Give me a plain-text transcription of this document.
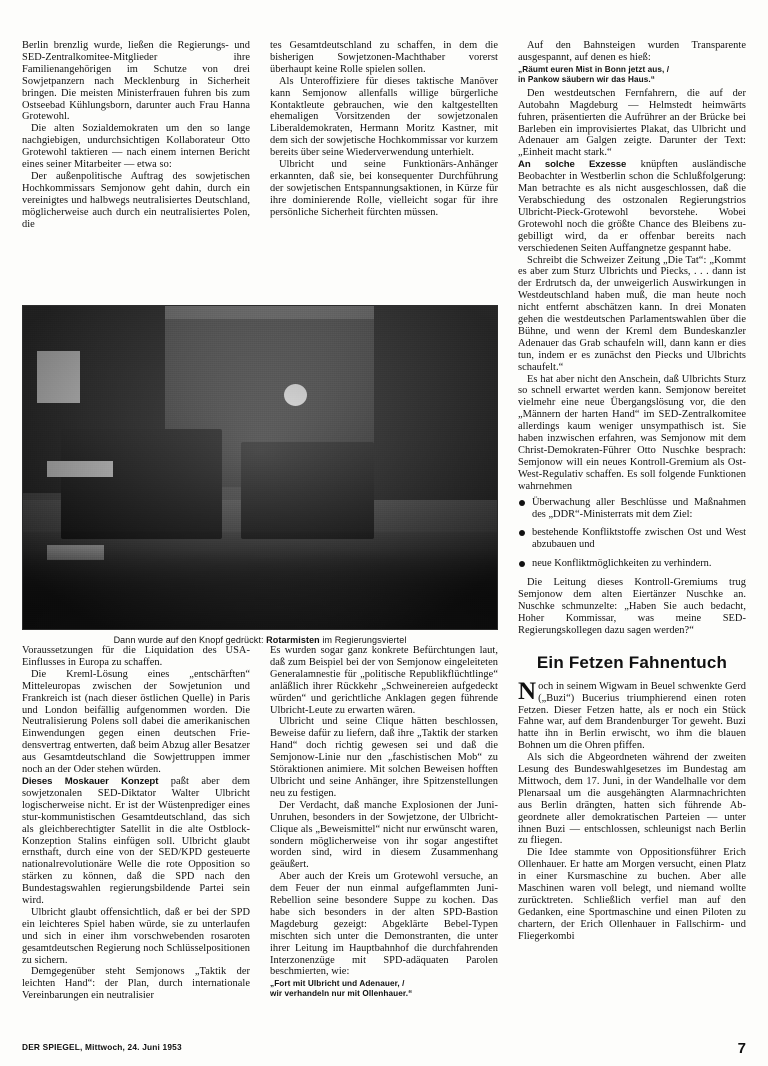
Berlin brenzlig wurde, ließen die Regierungs- und SED-Zentralkomitee-Mitglieder ihre Familienangehörigen im Schutze von drei Sowjetpanzern nach Mecklenburg in Sicherheit bringen. Die meisten Ministerfrauen fuhren bis zum Ostseebad Kühlungsborn, darunter auch Frau Hanna Grotewohl.

Die alten Sozialdemokraten um den so lange nachgiebigen, undurchsichtigen Kollaborateur Otto Grotewohl taktieren — nach einem internen Bericht eines seiner Mitarbeiter — etwa so:

Der außenpolitische Auftrag des sowjetischen Hochkommissars Semjonow geht dahin, durch ein vereinigtes und halbwegs neutralisiertes Deutschland, möglicherweise auch durch ein neutralisiertes Polen, die

tes Gesamtdeutschland zu schaffen, in dem die bisherigen Sowjetzonen-Machthaber vorerst überhaupt keine Rolle spielen sollen.

Als Unteroffiziere für dieses taktische Manöver kann Semjonow allenfalls willige bürgerliche Kontaktleute gebrauchen, wie den kaltgestellten ehemaligen Vorsitzenden der sowjetzonalen Liberaldemokraten, Hermann Moritz Kastner, mit dem sich der sowjetische Hochkommissar vor kurzem bereits über seine Wiederverwendung unterhielt.

Ulbricht und seine Funktionärs-Anhänger erkannten, daß sie, bei konsequenter Durchführung der sowjetischen Entspannungsaktionen, in Kürze für ihre dominierende Rolle, vielleicht sogar für ihre persönliche Sicherheit fürchten müssen.

Auf den Bahnsteigen wurden Transparente ausgespannt, auf denen es hieß:

„Räumt euren Mist in Bonn jetzt aus, /
in Pankow säubern wir das Haus.“

Den westdeutschen Fernfahrern, die auf der Autobahn Magdeburg — Helmstedt heimwärts fuhren, präsentierten die Aufrührer an der Brücke bei Barleben ein improvisiertes Plakat, das Ulbricht und Adenauer am Galgen zeigte. Darunter der Text: „Einheit macht stark.“

An solche Exzesse knüpften ausländische Beobachter in Westberlin schon die Schlußfolgerung: Man betrachte es als nicht ausgeschlossen, daß die Verabschiedung des ostzonalen Regierungstrios Ulbricht-Pieck-Grotewohl bevorstehe. Wobei Grotewohl noch die größte Chance des Bleibens zugebilligt wird, da er offenbar bereits nach verschiedenen Seiten Auffangnetze gespannt habe.

Schreibt die Schweizer Zeitung „Die Tat“: „Kommt es aber zum Sturz Ulbrichts und Piecks, . . . dann ist der Erdrutsch da, der unweigerlich Auswirkungen in Westdeutschland haben muß, die man heute noch nicht entfernt abschätzen kann. In drei Monaten gehen die westdeutschen Parlamentswahlen über die Bühne, und wenn der Kreml dem Bundeskanzler Adenauer das Grab schaufeln will, dann kann er dies tun, indem er es zunächst den Piecks und Ulbrichts schaufelt.“

Es hat aber nicht den Anschein, daß Ulbrichts Sturz so schnell erwartet werden kann. Semjonow bereitet vielmehr eine neue Übergangslösung vor, die den „Männern der harten Hand“ im SED-Zentralkomitee allerdings kaum weniger unsympathisch ist. Sie haben inzwischen erfahren, was Semjonow mit dem Christ-Demokraten-Führer Otto Nuschke besprach: Semjonow will ein neues Kontroll-Gremium als Ost-West-Regulativ schaffen. Es soll folgende Funktionen wahrnehmen

Überwachung aller Beschlüsse und Maßnahmen des „DDR“-Ministerrats mit dem Ziel:
bestehende Konfliktstoffe zwischen Ost und West abzubauen und
neue Konfliktmöglichkeiten zu verhindern.

Die Leitung dieses Kontroll-Gremiums trug Semjonow dem alten Eiertänzer Nuschke an. Nuschke schmunzelte: „Haben Sie auch bedacht, Hoher Kommissar, was meine SED-Regierungskollegen dazu sagen werden?“

Ein Fetzen Fahnentuch

Noch in seinem Wigwam in Beuel schwenkte Gerd („Buzi“) Bucerius triumphierend einen roten Fetzen. Dieser Fetzen hatte, als er noch ein Stück Fahne war, auf dem Brandenburger Tor geweht. Buzi hatte ihn in Berlin erwischt, wo ihm die blauen Bohnen um die Ohren pfiffen.

Als sich die Abgeordneten während der zweiten Lesung des Bundeswahlgesetzes im Bundestag am Mittwoch, dem 17. Juni, in der Wandelhalle vor dem Plenarsaal um die ausgehängten Alarmnachrichten aus Berlin drängten, hatten sich führende Abgeordnete aller demokratischen Parteien — unter ihnen Buzi — entschlossen, schleunigst nach Berlin zu fliegen.

Die Idee stammte von Oppositionsführer Erich Ollenhauer. Er hatte am Morgen versucht, einen Platz in einer Kursmaschine zu buchen. Aber alle Maschinen waren voll belegt, und niemand wollte zurücktreten. Schließlich verfiel man auf den Gedanken, eine Sportmaschine und einen Piloten zu chartern, der Erich Ollenhauer in Fallschirm- und Fliegerkombi

Dann wurde auf den Knopf gedrückt: Rotarmisten im Regierungsviertel

Voraussetzungen für die Liquidation des USA-Einflusses in Europa zu schaffen.

Die Kreml-Lösung eines „entschärften“ Mitteleuropas zwischen der Sowjetunion und Frankreich ist (nach dieser östlichen Quelle) in Paris und London beifällig aufgenommen worden. Die Neutralisierung Polens soll dabei die amerikanischen Einwendungen gegen einen deutschen Friedensvertrag entwerten, daß beim Abzug aller Besatzer aus Gesamtdeutschland die Sowjettruppen immer noch an der Oder stehen würden.

Dieses Moskauer Konzept paßt aber dem sowjetzonalen SED-Diktator Walter Ulbricht logischerweise nicht. Er ist der Wüstenprediger eines stur-kommunistischen Gesamtdeutschland, das sich als gleichberechtigter Satellit in die alte Ostblock-Konzeption Stalins einfügen soll. Ulbricht glaubt ernsthaft, durch eine von der SED/KPD gesteuerte nationalrevolutionäre Welle die rote Opposition so stärken zu können, daß die SPD nach den Bundestagswahlen regierungsbildende Partei sein wird.

Ulbricht glaubt offensichtlich, daß er bei der SPD ein leichteres Spiel haben würde, sie zu unterlaufen und sich in einer ihm vorschwebenden rosaroten gesamtdeutschen Regierung noch Schlüsselpositionen zu sichern.

Demgegenüber steht Semjonows „Taktik der leichten Hand“: der Plan, durch internationale Vereinbarungen ein neutralisier

Es wurden sogar ganz konkrete Befürchtungen laut, daß zum Beispiel bei der von Semjonow eingeleiteten Generalamnestie für „politische Republikflüchtlinge“ anläßlich ihrer Rückkehr „Schweinereien aufgedeckt würden“ und gerichtliche Anklagen gegen führende Ulbricht-Leute zu erwarten wären.

Ulbricht und seine Clique hätten beschlossen, Beweise dafür zu liefern, daß ihre „Taktik der starken Hand“ doch richtig gewesen sei und daß die Semjonow-Linie nur den „faschistischen Mob“ zu Störaktionen animiere. Mit solchen Beweisen hofften Ulbricht und seine Anhänger, ihre Spitzenstellungen neu zu festigen.

Der Verdacht, daß manche Explosionen der Juni-Unruhen, besonders in der Sowjetzone, der Ulbricht-Clique als „Beweismittel“ nicht nur erwünscht waren, sondern möglicherweise von ihr sogar angestiftet worden sind, wird in diesem Zusammenhang geäußert.

Aber auch der Kreis um Grotewohl versuche, an dem Feuer der nun einmal aufgeflammten Juni-Rebellion seine besondere Suppe zu kochen. Das habe sich besonders in der alten SPD-Bastion Magdeburg gezeigt: Abgeklärte Bebel-Typen mischten sich unter die Demonstranten, die unter ihrer Leitung im Hauptbahnhof die durchfahrenden Interzonenzüge mit SPD-adäquaten Parolen beschmierten, wie:

„Fort mit Ulbricht und Adenauer, /
wir verhandeln nur mit Ollenhauer.“
DER SPIEGEL, Mittwoch, 24. Juni 1953	7
